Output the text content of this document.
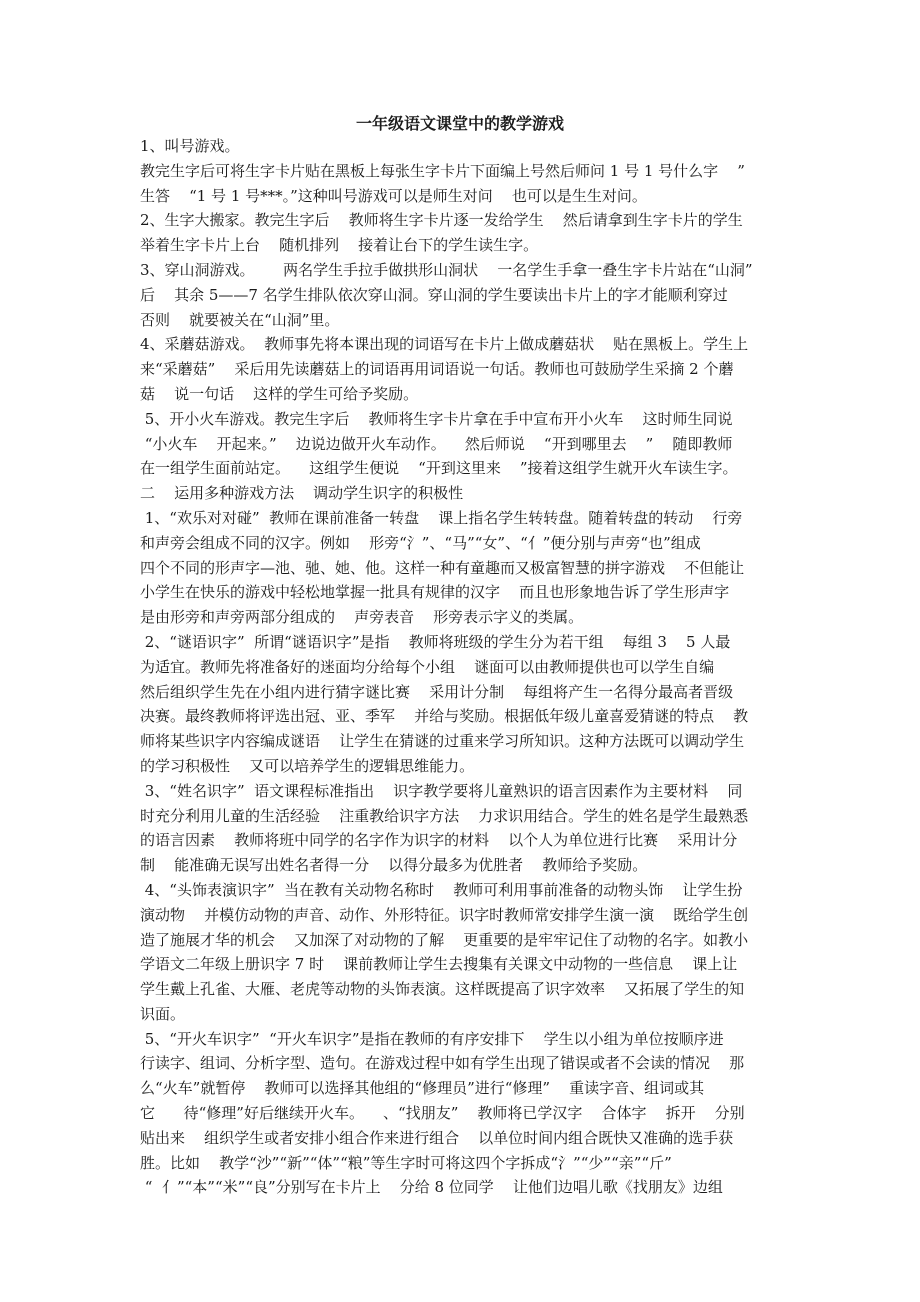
一年级语文课堂中的教学游戏
1、叫号游戏。
教完生字后可将生字卡片贴在黑板上每张生字卡片下面编上号然后师问 1 号 1 号什么字    ”
生答    “1 号 1 号***。”这种叫号游戏可以是师生对问    也可以是生生对问。
2、生字大搬家。教完生字后    教师将生字卡片逐一发给学生    然后请拿到生字卡片的学生
举着生字卡片上台    随机排列    接着让台下的学生读生字。
3、穿山洞游戏。      两名学生手拉手做拱形山洞状    一名学生手拿一叠生字卡片站在“山洞”
后    其余 5——7 名学生排队依次穿山洞。穿山洞的学生要读出卡片上的字才能顺利穿过
否则    就要被关在“山洞”里。
4、采蘑菇游戏。  教师事先将本课出现的词语写在卡片上做成蘑菇状    贴在黑板上。学生上
来“采蘑菇”    采后用先读蘑菇上的词语再用词语说一句话。教师也可鼓励学生采摘 2 个蘑
菇    说一句话    这样的学生可给予奖励。
5、开小火车游戏。教完生字后    教师将生字卡片拿在手中宣布开小火车    这时师生同说
“小火车    开起来。”    边说边做开火车动作。    然后师说    “开到哪里去    ”    随即教师
在一组学生面前站定。    这组学生便说    “开到这里来    ”接着这组学生就开火车读生字。
二    运用多种游戏方法    调动学生识字的积极性
1、“欢乐对对碰”  教师在课前准备一转盘    课上指名学生转转盘。随着转盘的转动    行旁
和声旁会组成不同的汉字。例如    形旁“氵”、“马”“女”、“亻”便分别与声旁“也”组成
四个不同的形声字—池、驰、她、他。这样一种有童趣而又极富智慧的拼字游戏    不但能让
小学生在快乐的游戏中轻松地掌握一批具有规律的汉字    而且也形象地告诉了学生形声字
是由形旁和声旁两部分组成的    声旁表音    形旁表示字义的类属。
2、“谜语识字”  所谓“谜语识字”是指    教师将班级的学生分为若干组    每组 3    5 人最
为适宜。教师先将准备好的迷面均分给每个小组    谜面可以由教师提供也可以学生自编
然后组织学生先在小组内进行猜字谜比赛    采用计分制    每组将产生一名得分最高者晋级
决赛。最终教师将评选出冠、亚、季军    并给与奖励。根据低年级儿童喜爱猜谜的特点    教
师将某些识字内容编成谜语    让学生在猜谜的过重来学习所知识。这种方法既可以调动学生
的学习积极性    又可以培养学生的逻辑思维能力。
3、“姓名识字”  语文课程标准指出    识字教学要将儿童熟识的语言因素作为主要材料    同
时充分利用儿童的生活经验    注重教给识字方法    力求识用结合。学生的姓名是学生最熟悉
的语言因素    教师将班中同学的名字作为识字的材料    以个人为单位进行比赛    采用计分
制    能准确无误写出姓名者得一分    以得分最多为优胜者    教师给予奖励。
4、“头饰表演识字”  当在教有关动物名称时    教师可利用事前准备的动物头饰    让学生扮
演动物    并模仿动物的声音、动作、外形特征。识字时教师常安排学生演一演    既给学生创
造了施展才华的机会    又加深了对动物的了解    更重要的是牢牢记住了动物的名字。如教小
学语文二年级上册识字 7 时    课前教师让学生去搜集有关课文中动物的一些信息    课上让
学生戴上孔雀、大雁、老虎等动物的头饰表演。这样既提高了识字效率    又拓展了学生的知
识面。
5、“开火车识字”  “开火车识字”是指在教师的有序安排下    学生以小组为单位按顺序进
行读字、组词、分析字型、造句。在游戏过程中如有学生出现了错误或者不会读的情况    那
么“火车”就暂停    教师可以选择其他组的“修理员”进行“修理”    重读字音、组词或其
它      待“修理”好后继续开火车。    、“找朋友”    教师将已学汉字    合体字    拆开    分别
贴出来    组织学生或者安排小组合作来进行组合    以单位时间内组合既快又准确的选手获
胜。比如    教学“沙”“新”“体”“粮”等生字时可将这四个字拆成“氵”“少”“亲”“斤”
“  亻”“本”“米”“良”分别写在卡片上    分给 8 位同学    让他们边唱儿歌《找朋友》边组
